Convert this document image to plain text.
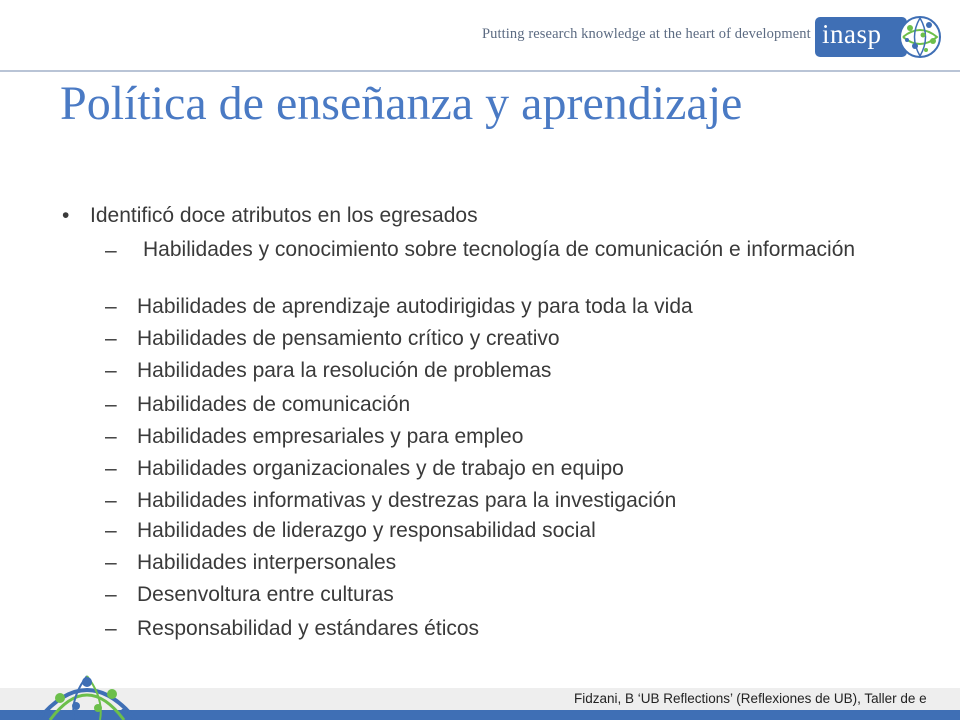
Putting research knowledge at the heart of development inasp
Política de enseñanza y aprendizaje
• Identificó doce atributos en los egresados
– Habilidades y conocimiento sobre tecnología de comunicación e información
– Habilidades de aprendizaje autodirigidas y para toda la vida
– Habilidades de pensamiento crítico y creativo
– Habilidades para la resolución de problemas
– Habilidades de comunicación
– Habilidades empresariales y para empleo
– Habilidades organizacionales y de trabajo en equipo
– Habilidades informativas y destrezas para la investigación
– Habilidades de liderazgo y responsabilidad social
– Habilidades interpersonales
– Desenvoltura entre culturas
– Responsabilidad y estándares éticos
Fidzani, B ‘UB Reflections’ (Reflexiones de UB), Taller de e
